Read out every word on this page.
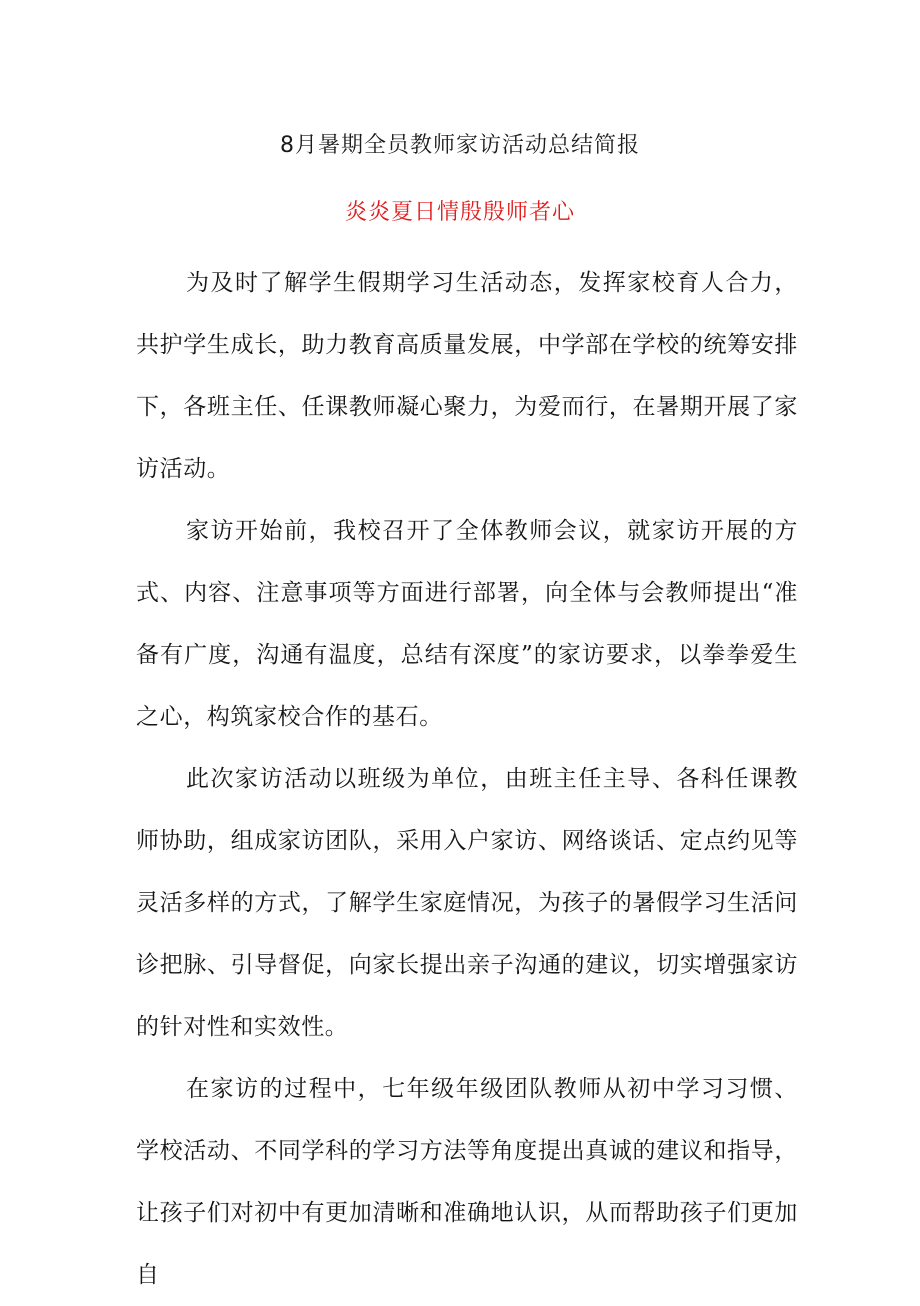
8月暑期全员教师家访活动总结简报
炎炎夏日情殷殷师者心

为及时了解学生假期学习生活动态，发挥家校育人合力，共护学生成长，助力教育高质量发展，中学部在学校的统筹安排下，各班主任、任课教师凝心聚力，为爱而行，在暑期开展了家访活动。

家访开始前，我校召开了全体教师会议，就家访开展的方式、内容、注意事项等方面进行部署，向全体与会教师提出“准备有广度，沟通有温度，总结有深度”的家访要求，以拳拳爱生之心，构筑家校合作的基石。

此次家访活动以班级为单位，由班主任主导、各科任课教师协助，组成家访团队，采用入户家访、网络谈话、定点约见等灵活多样的方式，了解学生家庭情况，为孩子的暑假学习生活问诊把脉、引导督促，向家长提出亲子沟通的建议，切实增强家访的针对性和实效性。

在家访的过程中，七年级年级团队教师从初中学习习惯、学校活动、不同学科的学习方法等角度提出真诚的建议和指导，让孩子们对初中有更加清晰和准确地认识，从而帮助孩子们更加自
